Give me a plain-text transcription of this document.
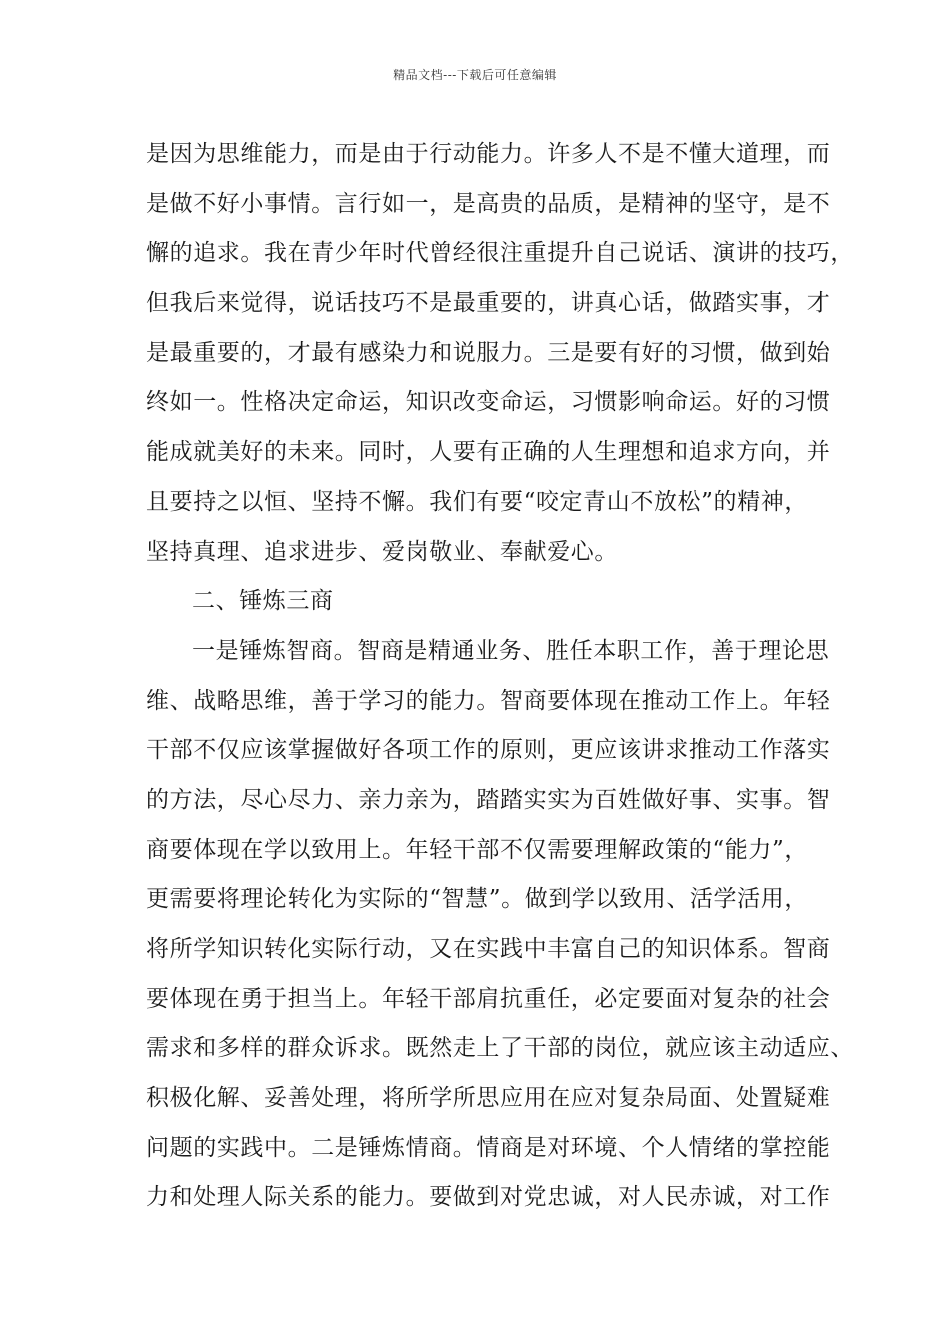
精品文档---下载后可任意编辑
是因为思维能力，而是由于行动能力。许多人不是不懂大道理，而
是做不好小事情。言行如一，是高贵的品质，是精神的坚守，是不
懈的追求。我在青少年时代曾经很注重提升自己说话、演讲的技巧，
但我后来觉得，说话技巧不是最重要的，讲真心话，做踏实事，才
是最重要的，才最有感染力和说服力。三是要有好的习惯，做到始
终如一。性格决定命运，知识改变命运，习惯影响命运。好的习惯
能成就美好的未来。同时，人要有正确的人生理想和追求方向，并
且要持之以恒、坚持不懈。我们有要“咬定青山不放松”的精神，
坚持真理、追求进步、爱岗敬业、奉献爱心。
二、锤炼三商
一是锤炼智商。智商是精通业务、胜任本职工作，善于理论思
维、战略思维，善于学习的能力。智商要体现在推动工作上。年轻
干部不仅应该掌握做好各项工作的原则，更应该讲求推动工作落实
的方法，尽心尽力、亲力亲为，踏踏实实为百姓做好事、实事。智
商要体现在学以致用上。年轻干部不仅需要理解政策的“能力”，
更需要将理论转化为实际的“智慧”。做到学以致用、活学活用，
将所学知识转化实际行动，又在实践中丰富自己的知识体系。智商
要体现在勇于担当上。年轻干部肩抗重任，必定要面对复杂的社会
需求和多样的群众诉求。既然走上了干部的岗位，就应该主动适应、
积极化解、妥善处理，将所学所思应用在应对复杂局面、处置疑难
问题的实践中。二是锤炼情商。情商是对环境、个人情绪的掌控能
力和处理人际关系的能力。要做到对党忠诚，对人民赤诚，对工作
